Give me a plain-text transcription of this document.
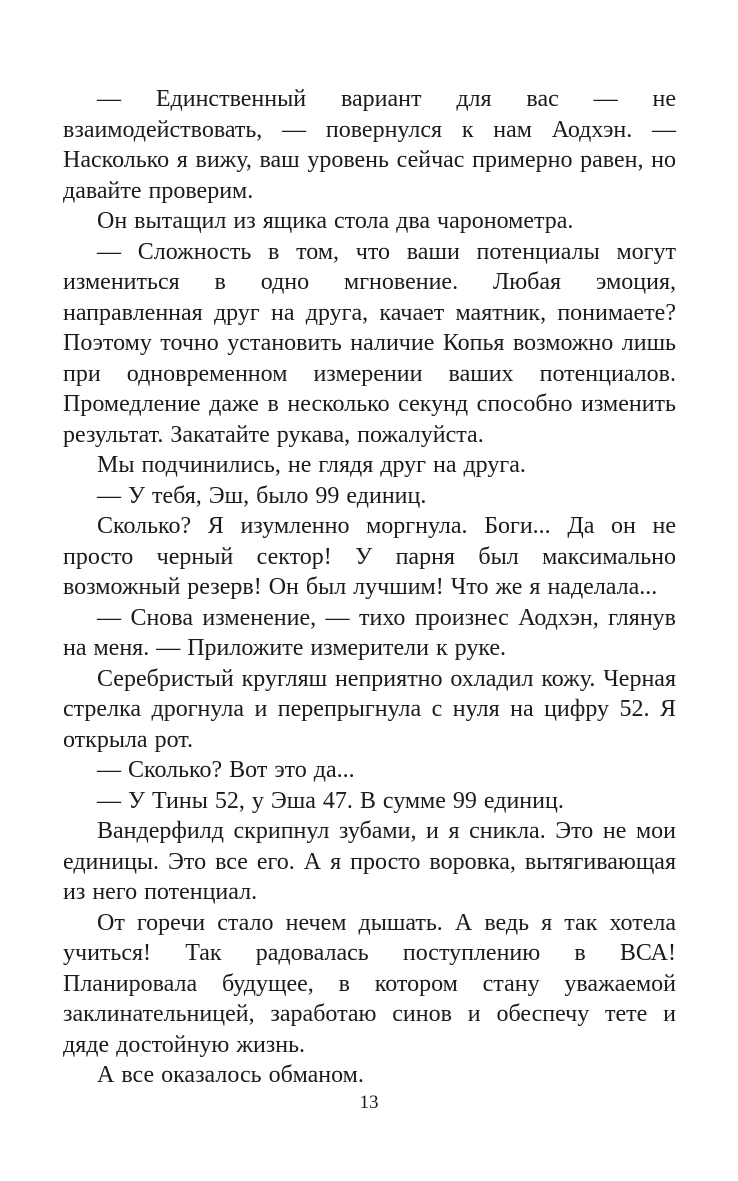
— Единственный вариант для вас — не взаимодействовать, — повернулся к нам Аодхэн. — Насколько я вижу, ваш уровень сейчас примерно равен, но давайте проверим.

Он вытащил из ящика стола два чаронометра.

— Сложность в том, что ваши потенциалы могут измениться в одно мгновение. Любая эмоция, направленная друг на друга, качает маятник, понимаете? Поэтому точно установить наличие Копья возможно лишь при одновременном измерении ваших потенциалов. Промедление даже в несколько секунд способно изменить результат. Закатайте рукава, пожалуйста.

Мы подчинились, не глядя друг на друга.

— У тебя, Эш, было 99 единиц.

Сколько? Я изумленно моргнула. Боги... Да он не просто черный сектор! У парня был максимально возможный резерв! Он был лучшим! Что же я наделала...

— Снова изменение, — тихо произнес Аодхэн, глянув на меня. — Приложите измерители к руке.

Серебристый кругляш неприятно охладил кожу. Черная стрелка дрогнула и перепрыгнула с нуля на цифру 52. Я открыла рот.

— Сколько? Вот это да...

— У Тины 52, у Эша 47. В сумме 99 единиц.

Вандерфилд скрипнул зубами, и я сникла. Это не мои единицы. Это все его. А я просто воровка, вытягивающая из него потенциал.

От горечи стало нечем дышать. А ведь я так хотела учиться! Так радовалась поступлению в ВСА! Планировала будущее, в котором стану уважаемой заклинательницей, заработаю синов и обеспечу тете и дяде достойную жизнь.

А все оказалось обманом.

13
